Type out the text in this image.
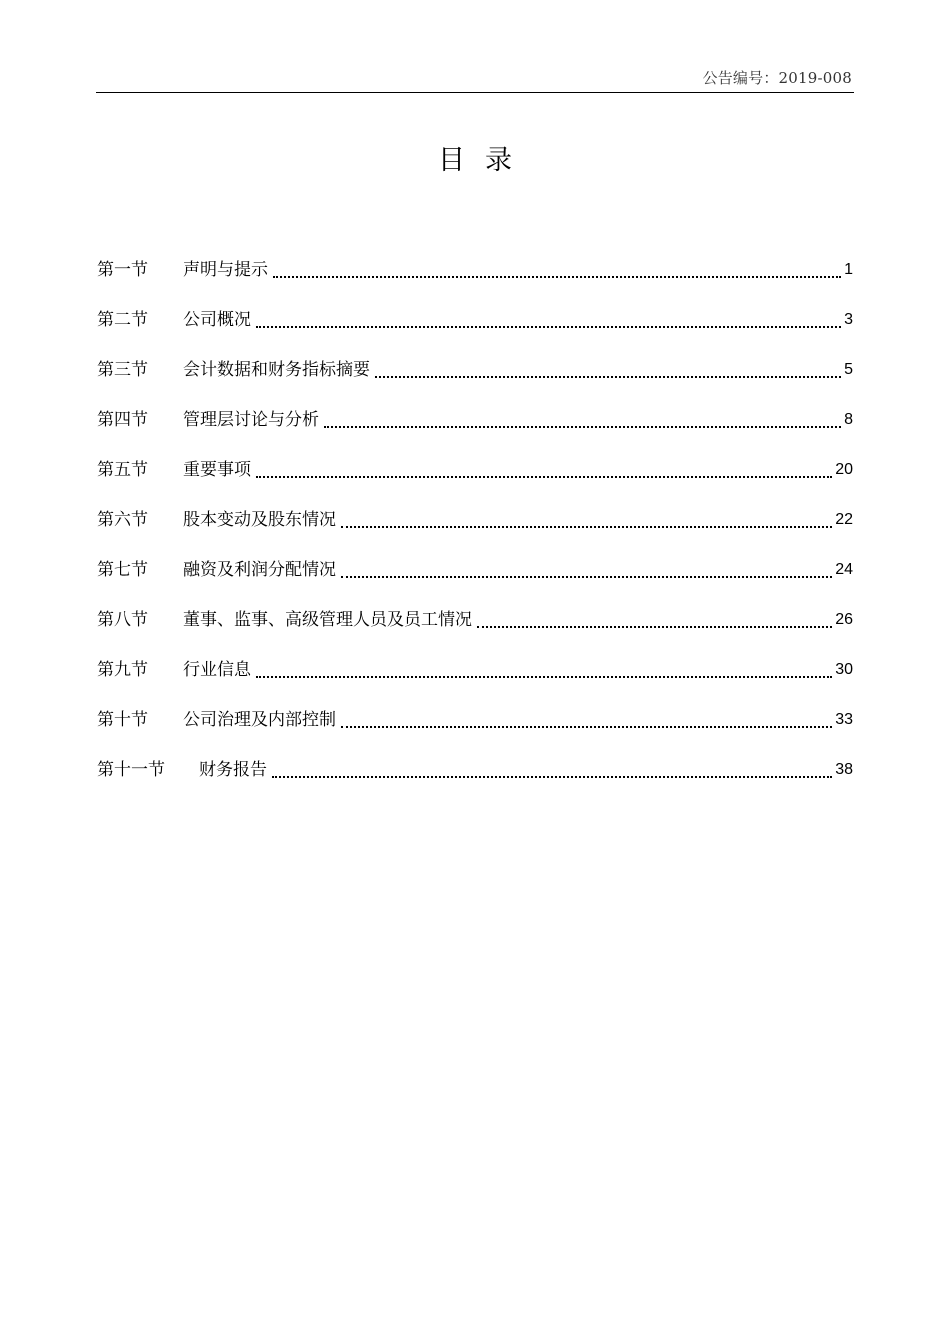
公告编号：2019-008
目录
第一节	声明与提示	1
第二节	公司概况	3
第三节	会计数据和财务指标摘要	5
第四节	管理层讨论与分析	8
第五节	重要事项	20
第六节	股本变动及股东情况	22
第七节	融资及利润分配情况	24
第八节	董事、监事、高级管理人员及员工情况	26
第九节	行业信息	30
第十节	公司治理及内部控制	33
第十一节	财务报告	38
